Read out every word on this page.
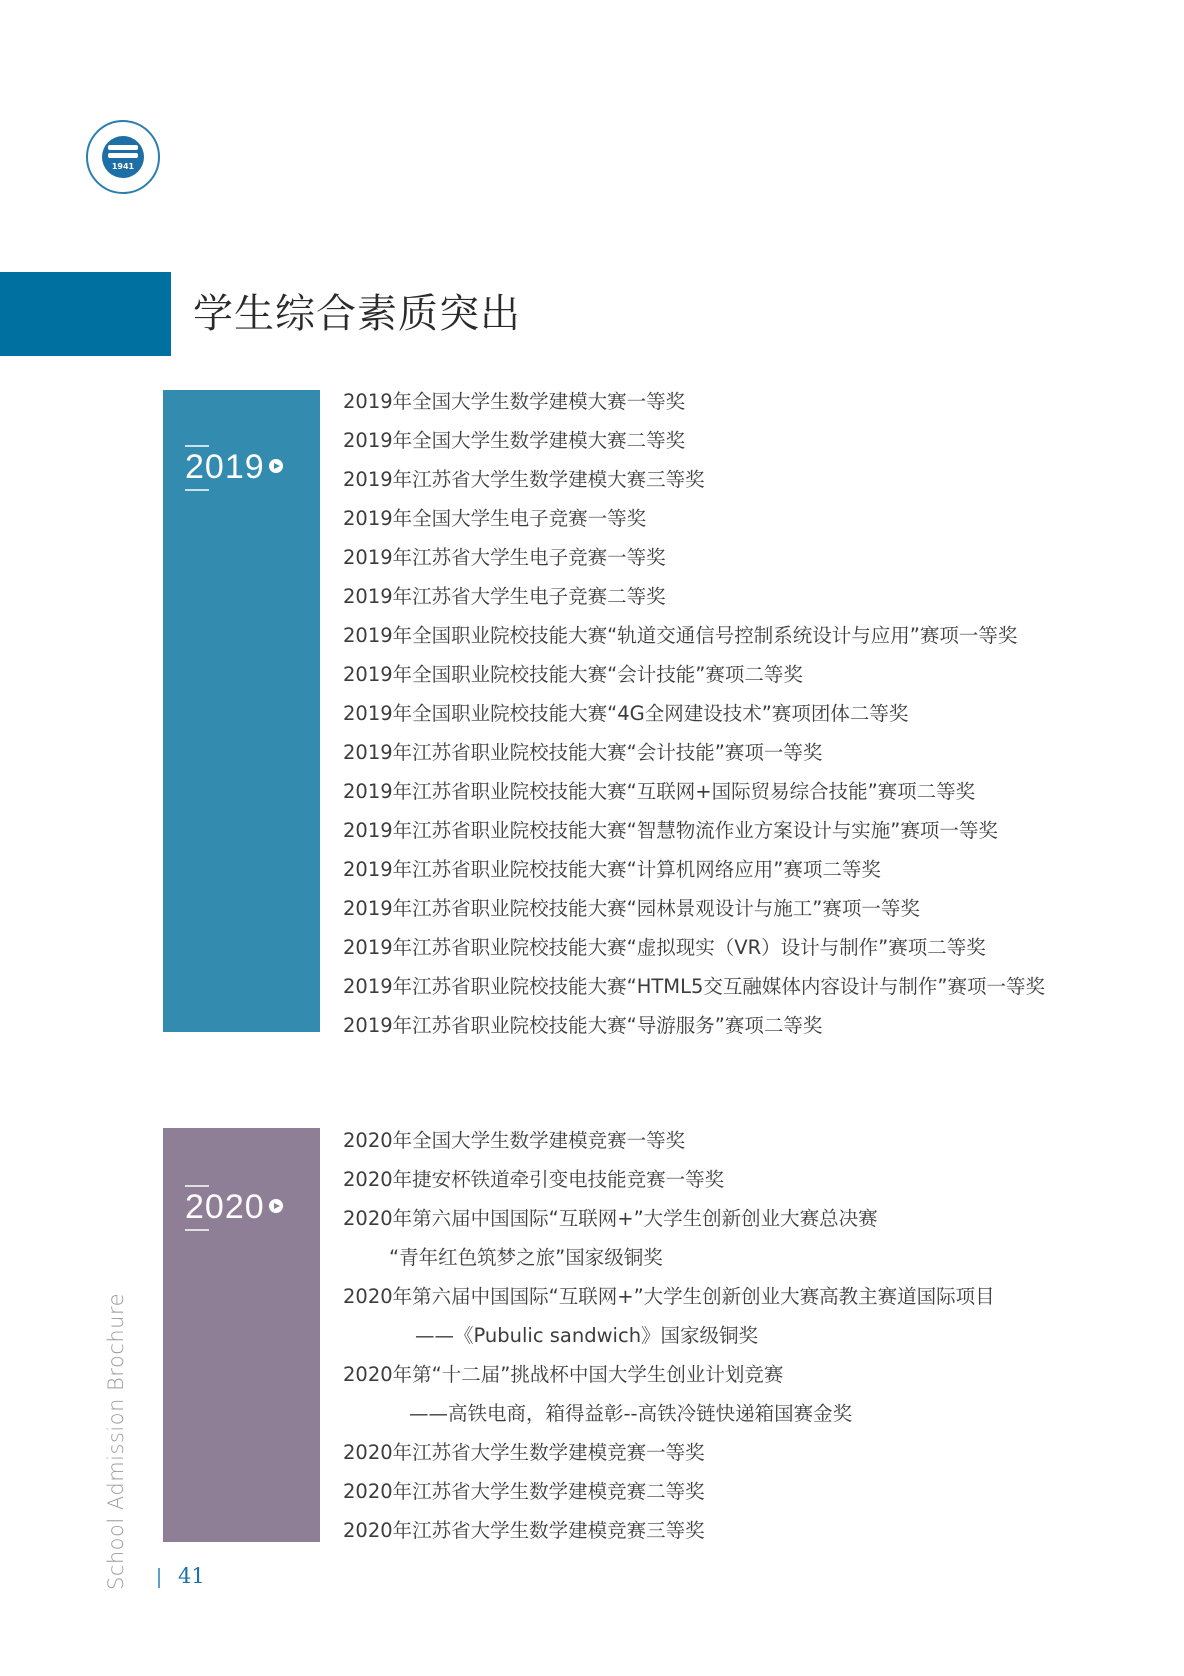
1941
学生综合素质突出
2019
2019年全国大学生数学建模大赛一等奖
2019年全国大学生数学建模大赛二等奖
2019年江苏省大学生数学建模大赛三等奖
2019年全国大学生电子竞赛一等奖
2019年江苏省大学生电子竞赛一等奖
2019年江苏省大学生电子竞赛二等奖
2019年全国职业院校技能大赛“轨道交通信号控制系统设计与应用”赛项一等奖
2019年全国职业院校技能大赛“会计技能”赛项二等奖
2019年全国职业院校技能大赛“4G全网建设技术”赛项团体二等奖
2019年江苏省职业院校技能大赛“会计技能”赛项一等奖
2019年江苏省职业院校技能大赛“互联网+国际贸易综合技能”赛项二等奖
2019年江苏省职业院校技能大赛“智慧物流作业方案设计与实施”赛项一等奖
2019年江苏省职业院校技能大赛“计算机网络应用”赛项二等奖
2019年江苏省职业院校技能大赛“园林景观设计与施工”赛项一等奖
2019年江苏省职业院校技能大赛“虚拟现实（VR）设计与制作”赛项二等奖
2019年江苏省职业院校技能大赛“HTML5交互融媒体内容设计与制作”赛项一等奖
2019年江苏省职业院校技能大赛“导游服务”赛项二等奖
2020
2020年全国大学生数学建模竞赛一等奖
2020年捷安杯铁道牵引变电技能竞赛一等奖
2020年第六届中国国际“互联网+”大学生创新创业大赛总决赛
“青年红色筑梦之旅”国家级铜奖
2020年第六届中国国际“互联网+”大学生创新创业大赛高教主赛道国际项目
——《Pubulic sandwich》国家级铜奖
2020年第“十二届”挑战杯中国大学生创业计划竞赛
——高铁电商，箱得益彰--高铁冷链快递箱国赛金奖
2020年江苏省大学生数学建模竞赛一等奖
2020年江苏省大学生数学建模竞赛二等奖
2020年江苏省大学生数学建模竞赛三等奖
School Admission Brochure 41
